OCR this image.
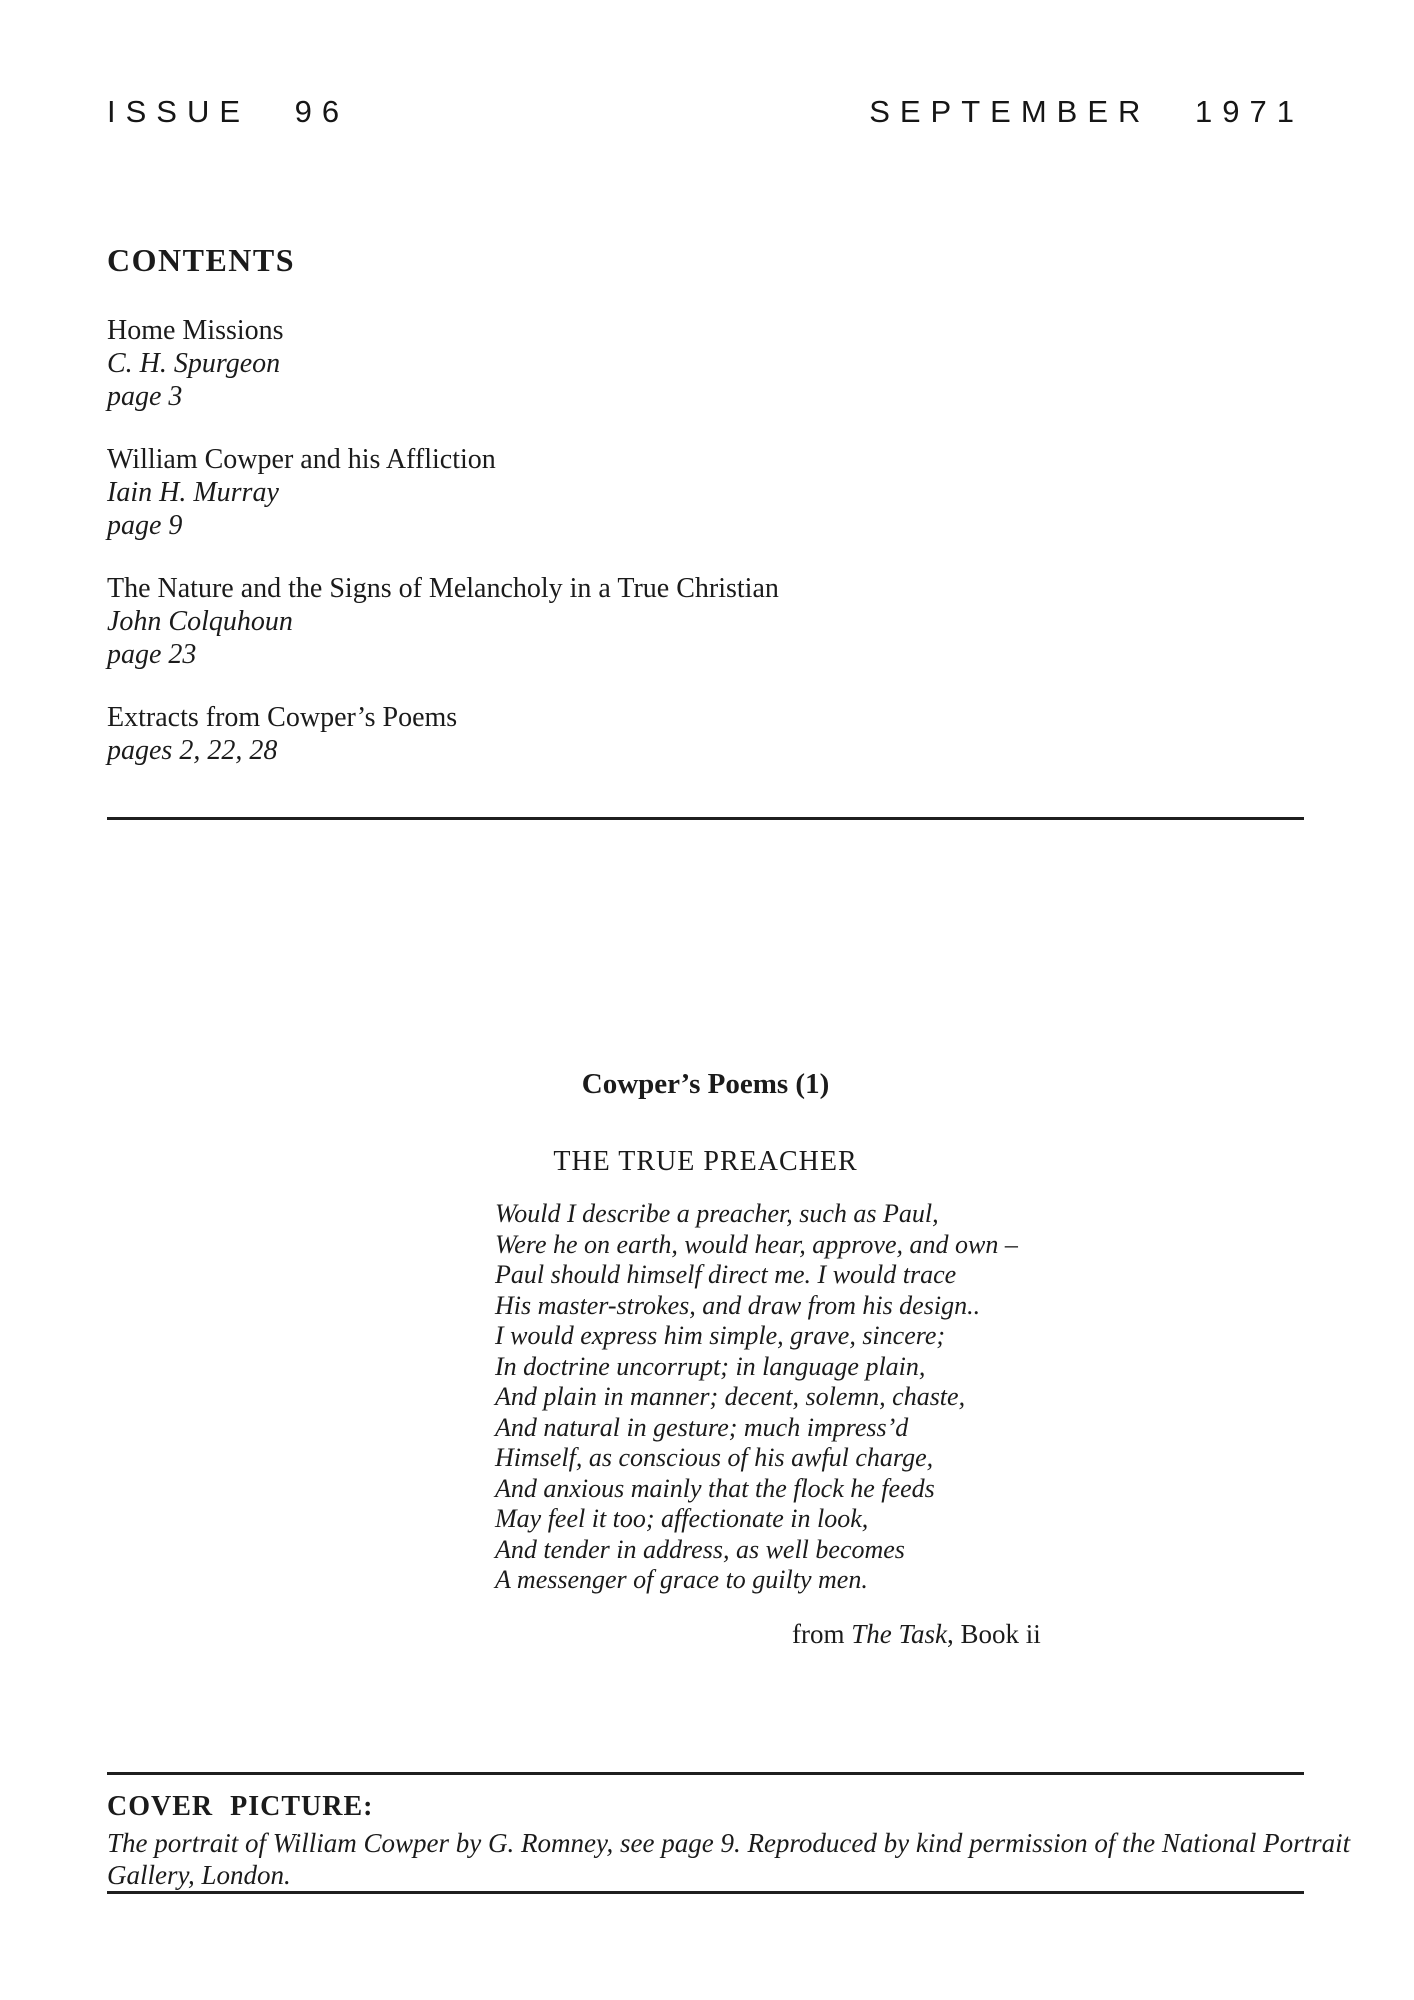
ISSUE 96	SEPTEMBER 1971
CONTENTS
Home Missions
C. H. Spurgeon
page 3
William Cowper and his Affliction
Iain H. Murray
page 9
The Nature and the Signs of Melancholy in a True Christian
John Colquhoun
page 23
Extracts from Cowper’s Poems
pages 2, 22, 28
Cowper’s Poems (1)
THE TRUE PREACHER
Would I describe a preacher, such as Paul,
Were he on earth, would hear, approve, and own –
Paul should himself direct me. I would trace
His master-strokes, and draw from his design..
I would express him simple, grave, sincere;
In doctrine uncorrupt; in language plain,
And plain in manner; decent, solemn, chaste,
And natural in gesture; much impress’d
Himself, as conscious of his awful charge,
And anxious mainly that the flock he feeds
May feel it too; affectionate in look,
And tender in address, as well becomes
A messenger of grace to guilty men.
from The Task, Book ii
COVER PICTURE:
The portrait of William Cowper by G. Romney, see page 9. Reproduced by kind permission of the National Portrait
Gallery, London.
